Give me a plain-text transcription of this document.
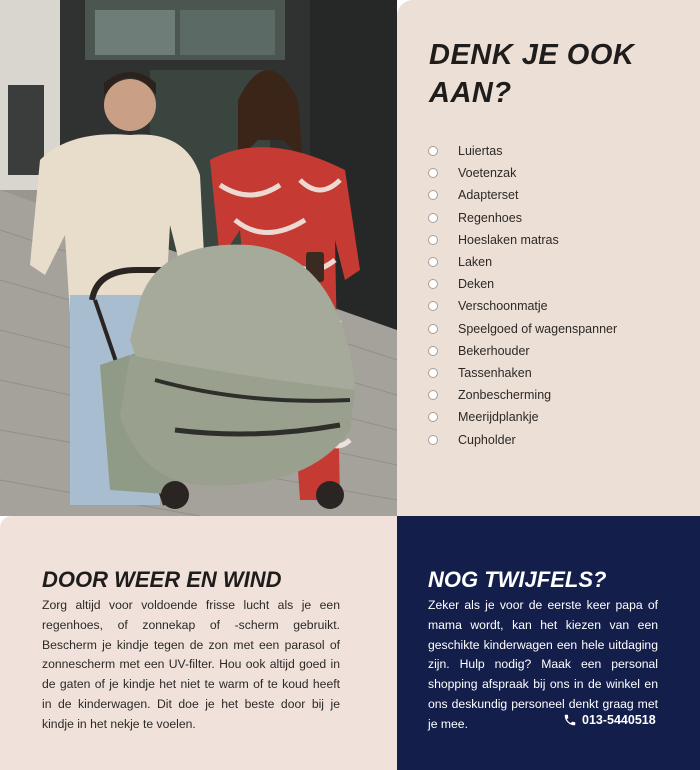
DENK JE OOK AAN?
Luiertas
Voetenzak
Adapterset
Regenhoes
Hoeslaken matras
Laken
Deken
Verschoonmatje
Speelgoed of wagenspanner
Bekerhouder
Tassenhaken
Zonbescherming
Meerijdplankje
Cupholder
DOOR WEER EN WIND

Zorg altijd voor voldoende frisse lucht als je een regenhoes, of zonnekap of -scherm gebruikt. Bescherm je kindje tegen de zon met een parasol of zonnescherm met een UV-filter. Hou ook altijd goed in de gaten of je kindje het niet te warm of te koud heeft in de kinderwagen. Dit doe je het beste door bij je kindje in het nekje te voelen.

NOG TWIJFELS?

Zeker als je voor de eerste keer papa of mama wordt, kan het kiezen van een geschikte kinderwagen een hele uitdaging zijn. Hulp nodig? Maak een personal shopping afspraak bij ons in de winkel en ons deskundig personeel denkt graag met je mee.	013-5440518
